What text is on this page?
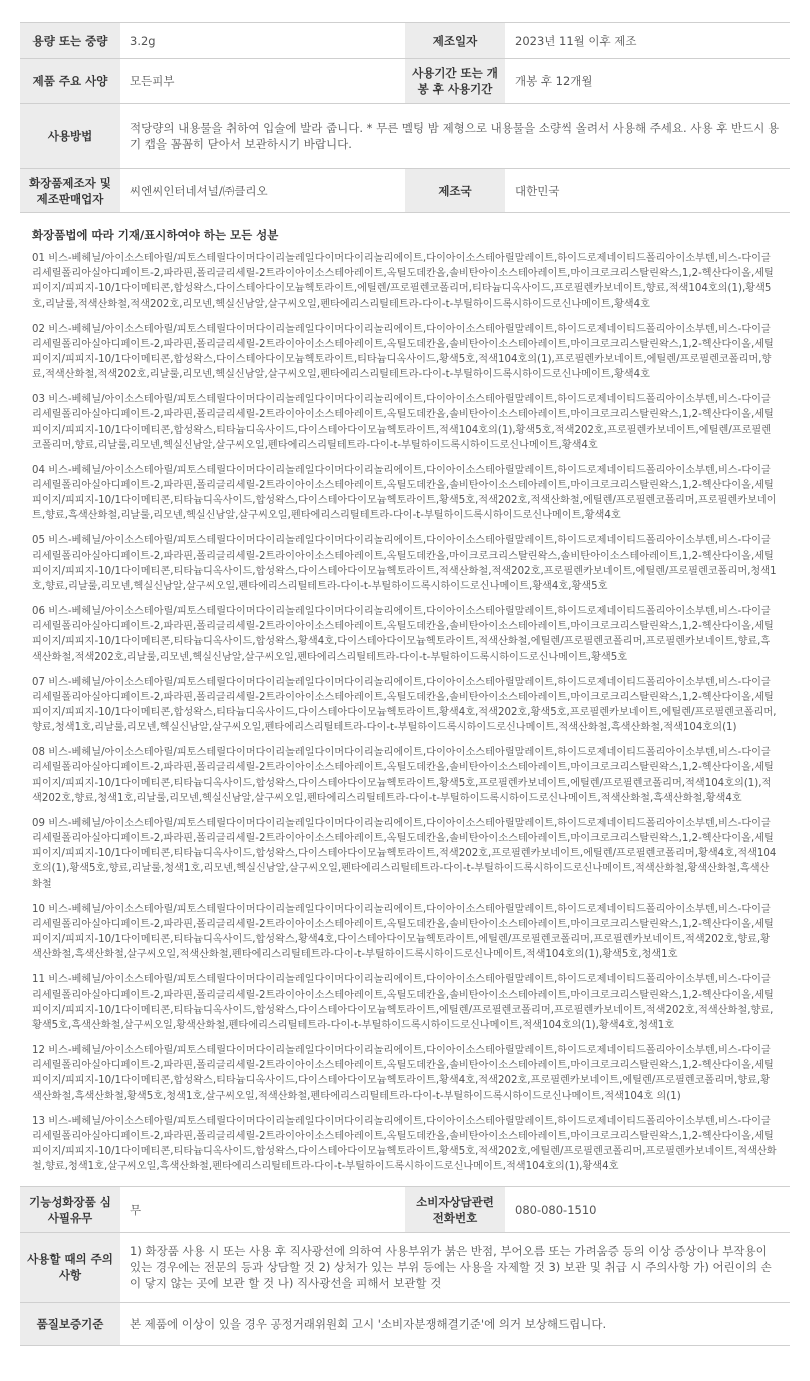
용량 또는 중량	3.2g	제조일자	2023년 11월 이후 제조
제품 주요 사양	모든피부	사용기간 또는 개봉 후 사용기간	개봉 후 12개월
사용방법	적당량의 내용물을 취하여 입술에 발라 줍니다. * 무른 멜팅 밤 제형으로 내용물을 소량씩 올려서 사용해 주세요. 사용 후 반드시 용기 캡을 꼼꼼히 닫아서 보관하시기 바랍니다.		
화장품제조자 및 제조판매업자	씨엔씨인터네셔널/㈜클리오	제조국	대한민국
화장품법에 따라 기재/표시하여야 하는 모든 성분
01 비스-베헤닐/아이소스테아릴/피토스테릴다이머다이리놀레일다이머다이리놀리에이트,다이아이소스테아릴말레이트,하이드로제네이티드폴리아이소부텐,비스-다이글리세릴폴리아실아디페이트-2,파라핀,폴리글리세릴-2트라이아이소스테아레이트,옥틸도데칸올,솔비탄아이소스테아레이트,마이크로크리스탈린왁스,1,2-헥산다이올,세틸피이지/피피지-10/1다이메티콘,합성왁스,다이스테아다이모늄헥토라이트,에틸렌/프로필렌코폴리머,티타늄디옥사이드,프로필렌카보네이트,향료,적색104호의(1),황색5호,리날룰,적색산화철,적색202호,리모넨,헥실신남알,살구씨오일,펜타에리스리틸테트라-다이-t-부틸하이드록시하이드로신나메이트,황색4호
02 비스-베헤닐/아이소스테아릴/피토스테릴다이머다이리놀레일다이머다이리놀리에이트,다이아이소스테아릴말레이트,하이드로제네이티드폴리아이소부텐,비스-다이글리세릴폴리아실아디페이트-2,파라핀,폴리글리세릴-2트라이아이소스테아레이트,옥틸도데칸올,솔비탄아이소스테아레이트,마이크로크리스탈린왁스,1,2-헥산다이올,세틸피이지/피피지-10/1다이메티콘,합성왁스,다이스테아다이모늄헥토라이트,티타늄디옥사이드,황색5호,적색104호의(1),프로필렌카보네이트,에틸렌/프로필렌코폴리머,향료,적색산화철,적색202호,리날룰,리모넨,헥실신남알,살구씨오일,펜타에리스리틸테트라-다이-t-부틸하이드록시하이드로신나메이트,황색4호
03 비스-베헤닐/아이소스테아릴/피토스테릴다이머다이리놀레일다이머다이리놀리에이트,다이아이소스테아릴말레이트,하이드로제네이티드폴리아이소부텐,비스-다이글리세릴폴리아실아디페이트-2,파라핀,폴리글리세릴-2트라이아이소스테아레이트,옥틸도데칸올,솔비탄아이소스테아레이트,마이크로크리스탈린왁스,1,2-헥산다이올,세틸피이지/피피지-10/1다이메티콘,합성왁스,티타늄디옥사이드,다이스테아다이모늄헥토라이트,적색104호의(1),황색5호,적색202호,프로필렌카보네이트,에틸렌/프로필렌코폴리머,향료,리날룰,리모넨,헥실신남알,살구씨오일,펜타에리스리틸테트라-다이-t-부틸하이드록시하이드로신나메이트,황색4호
04 비스-베헤닐/아이소스테아릴/피토스테릴다이머다이리놀레일다이머다이리놀리에이트,다이아이소스테아릴말레이트,하이드로제네이티드폴리아이소부텐,비스-다이글리세릴폴리아실아디페이트-2,파라핀,폴리글리세릴-2트라이아이소스테아레이트,옥틸도데칸올,솔비탄아이소스테아레이트,마이크로크리스탈린왁스,1,2-헥산다이올,세틸피이지/피피지-10/1다이메티콘,티타늄디옥사이드,합성왁스,다이스테아다이모늄헥토라이트,황색5호,적색202호,적색산화철,에틸렌/프로필렌코폴리머,프로필렌카보네이트,향료,흑색산화철,리날룰,리모넨,헥실신남알,살구씨오일,펜타에리스리틸테트라-다이-t-부틸하이드록시하이드로신나메이트,황색4호
05 비스-베헤닐/아이소스테아릴/피토스테릴다이머다이리놀레일다이머다이리놀리에이트,다이아이소스테아릴말레이트,하이드로제네이티드폴리아이소부텐,비스-다이글리세릴폴리아실아디페이트-2,파라핀,폴리글리세릴-2트라이아이소스테아레이트,옥틸도데칸올,마이크로크리스탈린왁스,솔비탄아이소스테아레이트,1,2-헥산다이올,세틸피이지/피피지-10/1다이메티콘,티타늄디옥사이드,합성왁스,다이스테아다이모늄헥토라이트,적색산화철,적색202호,프로필렌카보네이트,에틸렌/프로필렌코폴리머,청색1호,향료,리날룰,리모넨,헥실신남알,살구씨오일,펜타에리스리틸테트라-다이-t-부틸하이드록시하이드로신나메이트,황색4호,황색5호
06 비스-베헤닐/아이소스테아릴/피토스테릴다이머다이리놀레일다이머다이리놀리에이트,다이아이소스테아릴말레이트,하이드로제네이티드폴리아이소부텐,비스-다이글리세릴폴리아실아디페이트-2,파라핀,폴리글리세릴-2트라이아이소스테아레이트,옥틸도데칸올,솔비탄아이소스테아레이트,마이크로크리스탈린왁스,1,2-헥산다이올,세틸피이지/피피지-10/1다이메티콘,티타늄디옥사이드,합성왁스,황색4호,다이스테아다이모늄헥토라이트,적색산화철,에틸렌/프로필렌코폴리머,프로필렌카보네이트,향료,흑색산화철,적색202호,리날룰,리모넨,헥실신남알,살구씨오일,펜타에리스리틸테트라-다이-t-부틸하이드록시하이드로신나메이트,황색5호
07 비스-베헤닐/아이소스테아릴/피토스테릴다이머다이리놀레일다이머다이리놀리에이트,다이아이소스테아릴말레이트,하이드로제네이티드폴리아이소부텐,비스-다이글리세릴폴리아실아디페이트-2,파라핀,폴리글리세릴-2트라이아이소스테아레이트,옥틸도데칸올,솔비탄아이소스테아레이트,마이크로크리스탈린왁스,1,2-헥산다이올,세틸피이지/피피지-10/1다이메티콘,합성왁스,티타늄디옥사이드,다이스테아다이모늄헥토라이트,황색4호,적색202호,황색5호,프로필렌카보네이트,에틸렌/프로필렌코폴리머,향료,청색1호,리날룰,리모넨,헥실신남알,살구씨오일,펜타에리스리틸테트라-다이-t-부틸하이드록시하이드로신나메이트,적색산화철,흑색산화철,적색104호의(1)
08 비스-베헤닐/아이소스테아릴/피토스테릴다이머다이리놀레일다이머다이리놀리에이트,다이아이소스테아릴말레이트,하이드로제네이티드폴리아이소부텐,비스-다이글리세릴폴리아실아디페이트-2,파라핀,폴리글리세릴-2트라이아이소스테아레이트,옥틸도데칸올,솔비탄아이소스테아레이트,마이크로크리스탈린왁스,1,2-헥산다이올,세틸피이지/피피지-10/1다이메티콘,티타늄디옥사이드,합성왁스,다이스테아다이모늄헥토라이트,황색5호,프로필렌카보네이트,에틸렌/프로필렌코폴리머,적색104호의(1),적색202호,향료,청색1호,리날룰,리모넨,헥실신남알,살구씨오일,펜타에리스리틸테트라-다이-t-부틸하이드록시하이드로신나메이트,적색산화철,흑색산화철,황색4호
09 비스-베헤닐/아이소스테아릴/피토스테릴다이머다이리놀레일다이머다이리놀리에이트,다이아이소스테아릴말레이트,하이드로제네이티드폴리아이소부텐,비스-다이글리세릴폴리아실아디페이트-2,파라핀,폴리글리세릴-2트라이아이소스테아레이트,옥틸도데칸올,솔비탄아이소스테아레이트,마이크로크리스탈린왁스,1,2-헥산다이올,세틸피이지/피피지-10/1다이메티콘,티타늄디옥사이드,합성왁스,다이스테아다이모늄헥토라이트,적색202호,프로필렌카보네이트,에틸렌/프로필렌코폴리머,황색4호,적색104호의(1),황색5호,향료,리날룰,청색1호,리모넨,헥실신남알,살구씨오일,펜타에리스리틸테트라-다이-t-부틸하이드록시하이드로신나메이트,적색산화철,황색산화철,흑색산화철
10 비스-베헤닐/아이소스테아릴/피토스테릴다이머다이리놀레일다이머다이리놀리에이트,다이아이소스테아릴말레이트,하이드로제네이티드폴리아이소부텐,비스-다이글리세릴폴리아실아디페이트-2,파라핀,폴리글리세릴-2트라이아이소스테아레이트,옥틸도데칸올,솔비탄아이소스테아레이트,마이크로크리스탈린왁스,1,2-헥산다이올,세틸피이지/피피지-10/1다이메티콘,티타늄디옥사이드,합성왁스,황색4호,다이스테아다이모늄헥토라이트,에틸렌/프로필렌코폴리머,프로필렌카보네이트,적색202호,향료,황색산화철,흑색산화철,살구씨오일,적색산화철,펜타에리스리틸테트라-다이-t-부틸하이드록시하이드로신나메이트,적색104호의(1),황색5호,청색1호
11 비스-베헤닐/아이소스테아릴/피토스테릴다이머다이리놀레일다이머다이리놀리에이트,다이아이소스테아릴말레이트,하이드로제네이티드폴리아이소부텐,비스-다이글리세릴폴리아실아디페이트-2,파라핀,폴리글리세릴-2트라이아이소스테아레이트,옥틸도데칸올,솔비탄아이소스테아레이트,마이크로크리스탈린왁스,1,2-헥산다이올,세틸피이지/피피지-10/1다이메티콘,티타늄디옥사이드,합성왁스,다이스테아다이모늄헥토라이트,에틸렌/프로필렌코폴리머,프로필렌카보네이트,적색202호,적색산화철,향료,황색5호,흑색산화철,살구씨오일,황색산화철,펜타에리스리틸테트라-다이-t-부틸하이드록시하이드로신나메이트,적색104호의(1),황색4호,청색1호
12 비스-베헤닐/아이소스테아릴/피토스테릴다이머다이리놀레일다이머다이리놀리에이트,다이아이소스테아릴말레이트,하이드로제네이티드폴리아이소부텐,비스-다이글리세릴폴리아실아디페이트-2,파라핀,폴리글리세릴-2트라이아이소스테아레이트,옥틸도데칸올,솔비탄아이소스테아레이트,마이크로크리스탈린왁스,1,2-헥산다이올,세틸피이지/피피지-10/1다이메티콘,합성왁스,티타늄디옥사이드,다이스테아다이모늄헥토라이트,황색4호,적색202호,프로필렌카보네이트,에틸렌/프로필렌코폴리머,향료,황색산화철,흑색산화철,황색5호,청색1호,살구씨오일,적색산화철,펜타에리스리틸테트라-다이-t-부틸하이드록시하이드로신나메이트,적색104호 의(1)
13 비스-베헤닐/아이소스테아릴/피토스테릴다이머다이리놀레일다이머다이리놀리에이트,다이아이소스테아릴말레이트,하이드로제네이티드폴리아이소부텐,비스-다이글리세릴폴리아실아디페이트-2,파라핀,폴리글리세릴-2트라이아이소스테아레이트,옥틸도데칸올,솔비탄아이소스테아레이트,마이크로크리스탈린왁스,1,2-헥산다이올,세틸피이지/피피지-10/1다이메티콘,티타늄디옥사이드,합성왁스,다이스테아다이모늄헥토라이트,황색5호,적색202호,에틸렌/프로필렌코폴리머,프로필렌카보네이트,적색산화철,향료,청색1호,살구씨오일,흑색산화철,펜타에리스리틸테트라-다이-t-부틸하이드록시하이드로신나메이트,적색104호의(1),황색4호
기능성화장품 심사필유무	무	소비자상담관련 전화번호	080-080-1510
사용할 때의 주의사항	1) 화장품 사용 시 또는 사용 후 직사광선에 의하여 사용부위가 붉은 반점, 부어오름 또는 가려움증 등의 이상 증상이나 부작용이 있는 경우에는 전문의 등과 상담할 것 2) 상처가 있는 부위 등에는 사용을 자제할 것 3) 보관 및 취급 시 주의사항 가) 어린이의 손이 닿지 않는 곳에 보관 할 것 나) 직사광선을 피해서 보관할 것		
품질보증기준	본 제품에 이상이 있을 경우 공정거래위원회 고시 '소비자분쟁해결기준'에 의거 보상해드립니다.		
